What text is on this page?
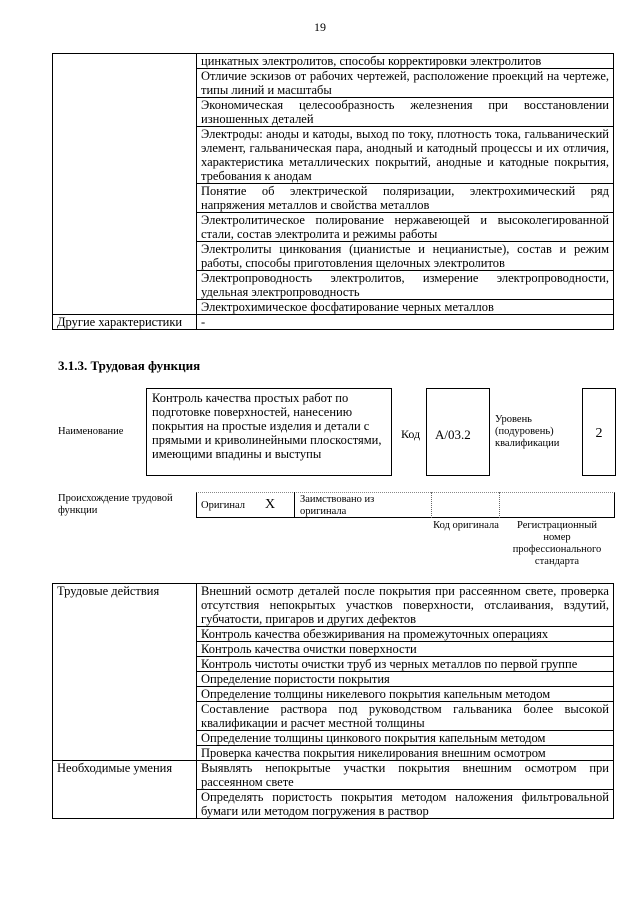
19
	цинкатных электролитов, способы корректировки электролитов
	Отличие эскизов от рабочих чертежей, расположение проекций на чертеже, типы линий и масштабы
	Экономическая целесообразность железнения при восстановлении изношенных деталей
	Электроды: аноды и катоды, выход по току, плотность тока, гальванический элемент, гальваническая пара, анодный и катодный процессы и их отличия, характеристика металлических покрытий, анодные и катодные покрытия, требования к анодам
	Понятие об электрической поляризации, электрохимический ряд напряжения металлов и свойства металлов
	Электролитическое полирование нержавеющей и высоколегированной стали, состав электролита и режимы работы
	Электролиты цинкования (цианистые и нецианистые), состав и режим работы, способы приготовления щелочных электролитов
	Электропроводность электролитов, измерение электропроводности, удельная электропроводность
	Электрохимическое фосфатирование черных металлов
Другие характеристики	-
3.1.3. Трудовая функция
Наименование
Контроль качества простых работ по подготовке поверхностей, нанесению покрытия на простые изделия и детали с прямыми и криволинейными плоскостями, имеющими впадины и выступы
Код	A/03.2
Уровень (подуровень) квалификации
2
Происхождение трудовой функции	Оригинал X Заимствовано из оригинала
Код оригинала	Регистрационный номер профессионального стандарта
Трудовые действия	Внешний осмотр деталей после покрытия при рассеянном свете, проверка отсутствия непокрытых участков поверхности, отслаивания, вздутий, губчатости, пригаров и других дефектов
	Контроль качества обезжиривания на промежуточных операциях
	Контроль качества очистки поверхности
	Контроль чистоты очистки труб из черных металлов по первой группе
	Определение пористости покрытия
	Определение толщины никелевого покрытия капельным методом
	Составление раствора под руководством гальваника более высокой квалификации и расчет местной толщины
	Определение толщины цинкового покрытия капельным методом
	Проверка качества покрытия никелирования внешним осмотром
Необходимые умения	Выявлять непокрытые участки покрытия внешним осмотром при рассеянном свете
	Определять пористость покрытия методом наложения фильтровальной бумаги или методом погружения в раствор
